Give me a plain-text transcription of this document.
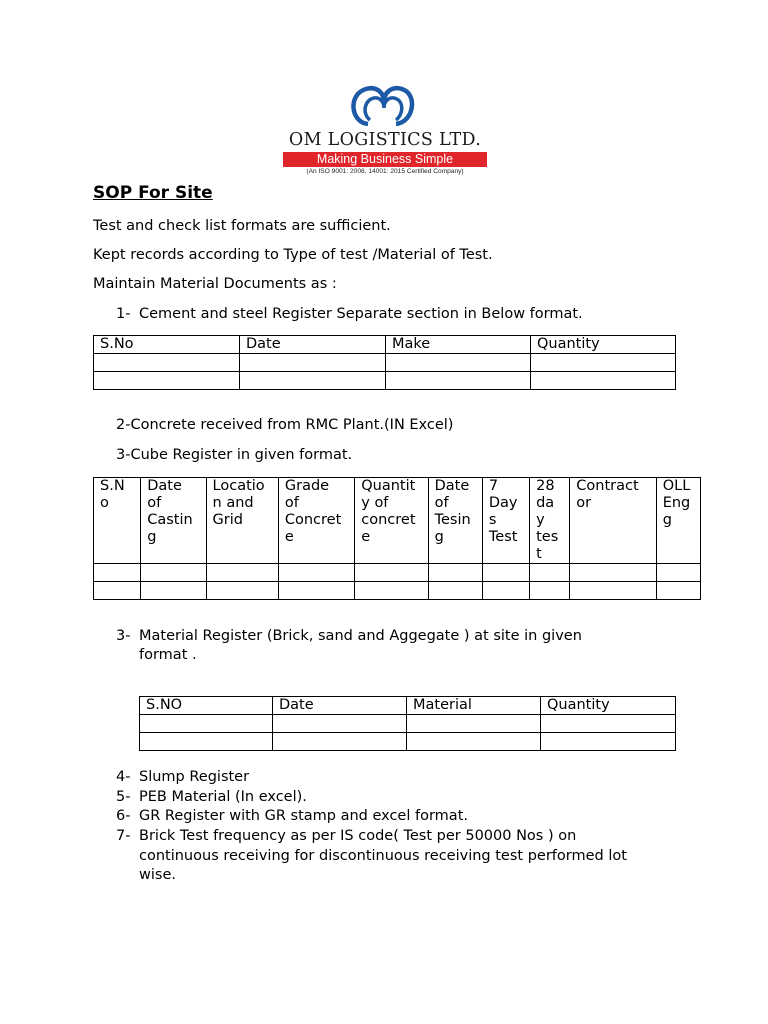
OM LOGISTICS LTD.
Making Business Simple
(An ISO 9001: 2008, 14001: 2015 Certified Company)
SOP For Site
Test and check list formats are sufficient.
Kept records according to Type of test /Material of Test.
Maintain Material Documents as :
1- Cement and steel Register Separate section in Below format.
S.No	Date	Make	Quantity

2-Concrete received from RMC Plant.(IN Excel)
3-Cube Register in given format.
S.N
o	Date
of
Castin
g	Locatio
n and
Grid	Grade
of
Concret
e	Quantit
y of
concret
e	Date
of
Tesin
g	7
Day
s
Test	28
da
y
tes
t	Contract
or	OLL
Eng
g

3- Material Register (Brick, sand and Aggegate ) at site in given
format .
S.NO	Date	Material	Quantity

4- Slump Register
5- PEB Material (In excel).
6- GR Register with GR stamp and excel format.
7- Brick Test frequency as per IS code( Test per 50000 Nos ) on
continuous receiving for discontinuous receiving test performed lot
wise.
